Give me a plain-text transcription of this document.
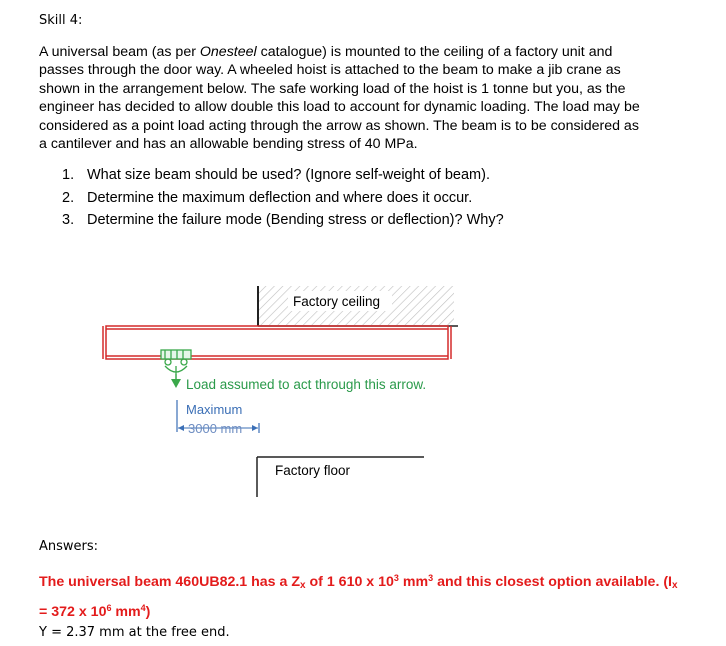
Skill 4:
A universal beam (as per Onesteel catalogue) is mounted to the ceiling of a factory unit and passes through the door way. A wheeled hoist is attached to the beam to make a jib crane as shown in the arrangement below. The safe working load of the hoist is 1 tonne but you, as the engineer has decided to allow double this load to account for dynamic loading. The load may be considered as a point load acting through the arrow as shown. The beam is to be considered as a cantilever and has an allowable bending stress of 40 MPa.
1. What size beam should be used? (Ignore self-weight of beam).
2. Determine the maximum deflection and where does it occur.
3. Determine the failure mode (Bending stress or deflection)? Why?
Factory ceiling
Load assumed to act through this arrow.
Maximum
3000 mm
Factory floor
Answers:
The universal beam 460UB82.1 has a $Z_x$ of 1 610 x $10^3$ $mm^3$ and this closest option available. ($I_x = 372$ x $10^6$ $mm^4$)
Y = 2.37 mm at the free end.
